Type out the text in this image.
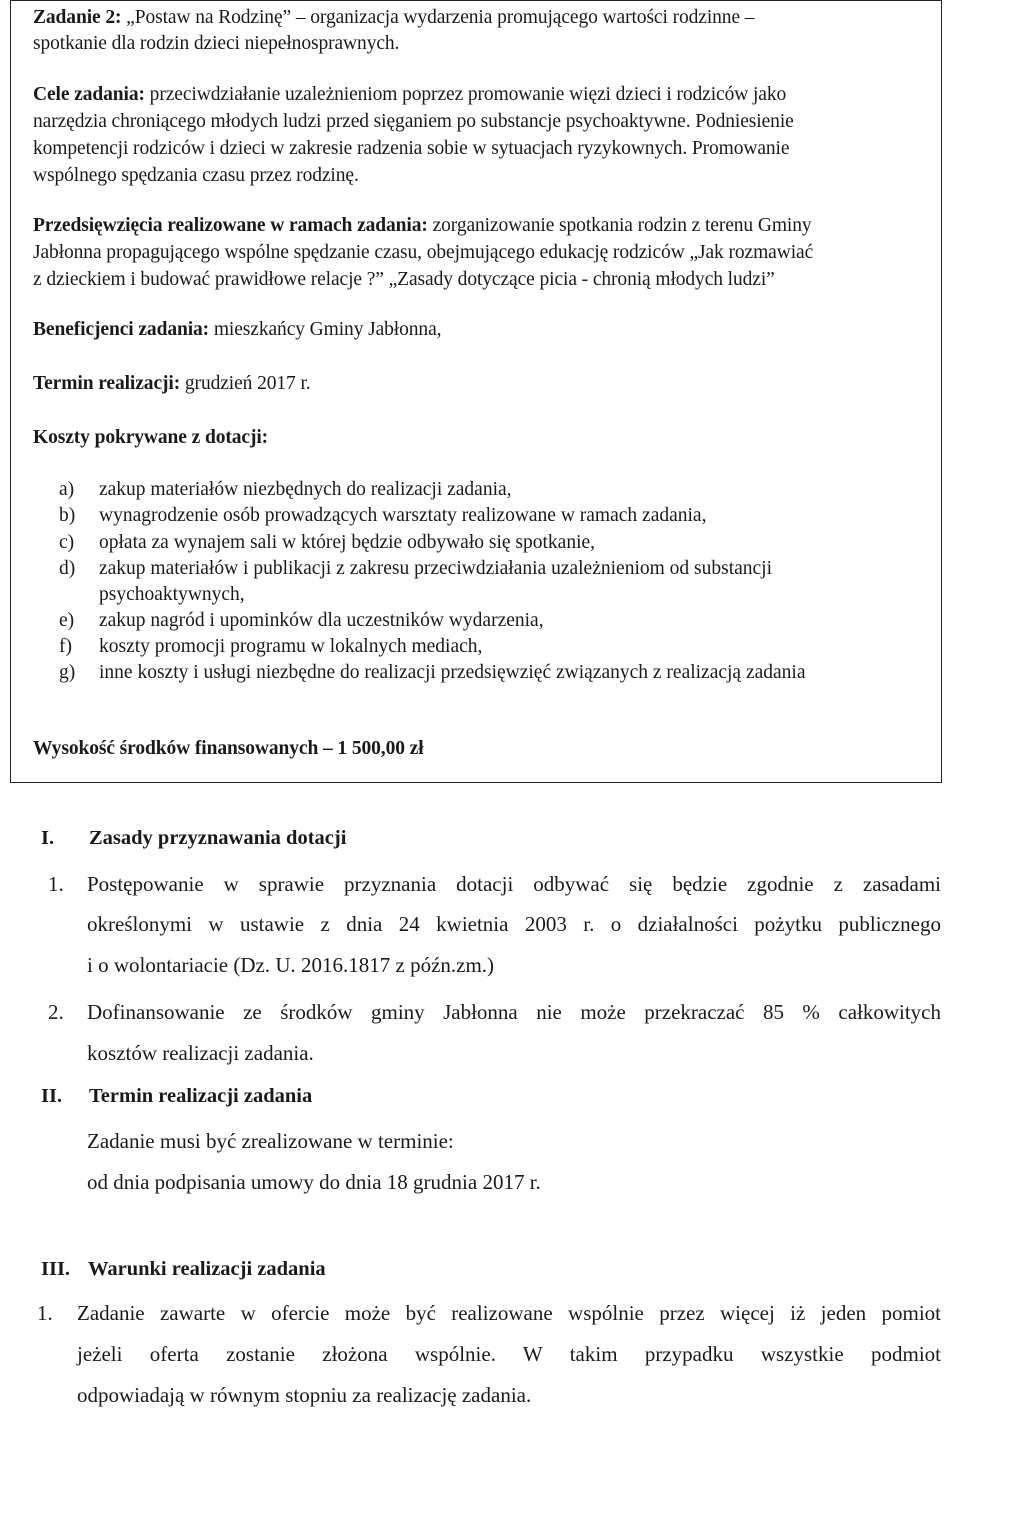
Zadanie 2: „Postaw na Rodzinę” – organizacja wydarzenia promującego wartości rodzinne –
spotkanie dla rodzin dzieci niepełnosprawnych.
Cele zadania: przeciwdziałanie uzależnieniom poprzez promowanie więzi dzieci i rodziców jako
narzędzia chroniącego młodych ludzi przed sięganiem po substancje psychoaktywne. Podniesienie
kompetencji rodziców i dzieci w zakresie radzenia sobie w sytuacjach ryzykownych. Promowanie
wspólnego spędzania czasu przez rodzinę.
Przedsięwzięcia realizowane w ramach zadania: zorganizowanie spotkania rodzin z terenu Gminy
Jabłonna propagującego wspólne spędzanie czasu, obejmującego edukację rodziców „Jak rozmawiać
z dzieckiem i budować prawidłowe relacje ?” „Zasady dotyczące picia - chronią młodych ludzi”
Beneficjenci zadania: mieszkańcy Gminy Jabłonna,
Termin realizacji: grudzień 2017 r.
Koszty pokrywane z dotacji:
a) zakup materiałów niezbędnych do realizacji zadania,
b) wynagrodzenie osób prowadzących warsztaty realizowane w ramach zadania,
c) opłata za wynajem sali w której będzie odbywało się spotkanie,
d) zakup materiałów i publikacji z zakresu przeciwdziałania uzależnieniom od substancji
psychoaktywnych,
e) zakup nagród i upominków dla uczestników wydarzenia,
f) koszty promocji programu w lokalnych mediach,
g) inne koszty i usługi niezbędne do realizacji przedsięwzięć związanych z realizacją zadania
Wysokość środków finansowanych – 1 500,00 zł
I. Zasady przyznawania dotacji
1. Postępowanie w sprawie przyznania dotacji odbywać się będzie zgodnie z zasadami
określonymi w ustawie z dnia 24 kwietnia 2003 r. o działalności pożytku publicznego
i o wolontariacie (Dz. U. 2016.1817 z późn.zm.)
2. Dofinansowanie ze środków gminy Jabłonna nie może przekraczać 85 % całkowitych
kosztów realizacji zadania.
II. Termin realizacji zadania
Zadanie musi być zrealizowane w terminie:
od dnia podpisania umowy do dnia 18 grudnia 2017 r.
III. Warunki realizacji zadania
1. Zadanie zawarte w ofercie może być realizowane wspólnie przez więcej iż jeden pomiot
jeżeli oferta zostanie złożona wspólnie. W takim przypadku wszystkie podmiot
odpowiadają w równym stopniu za realizację zadania.
